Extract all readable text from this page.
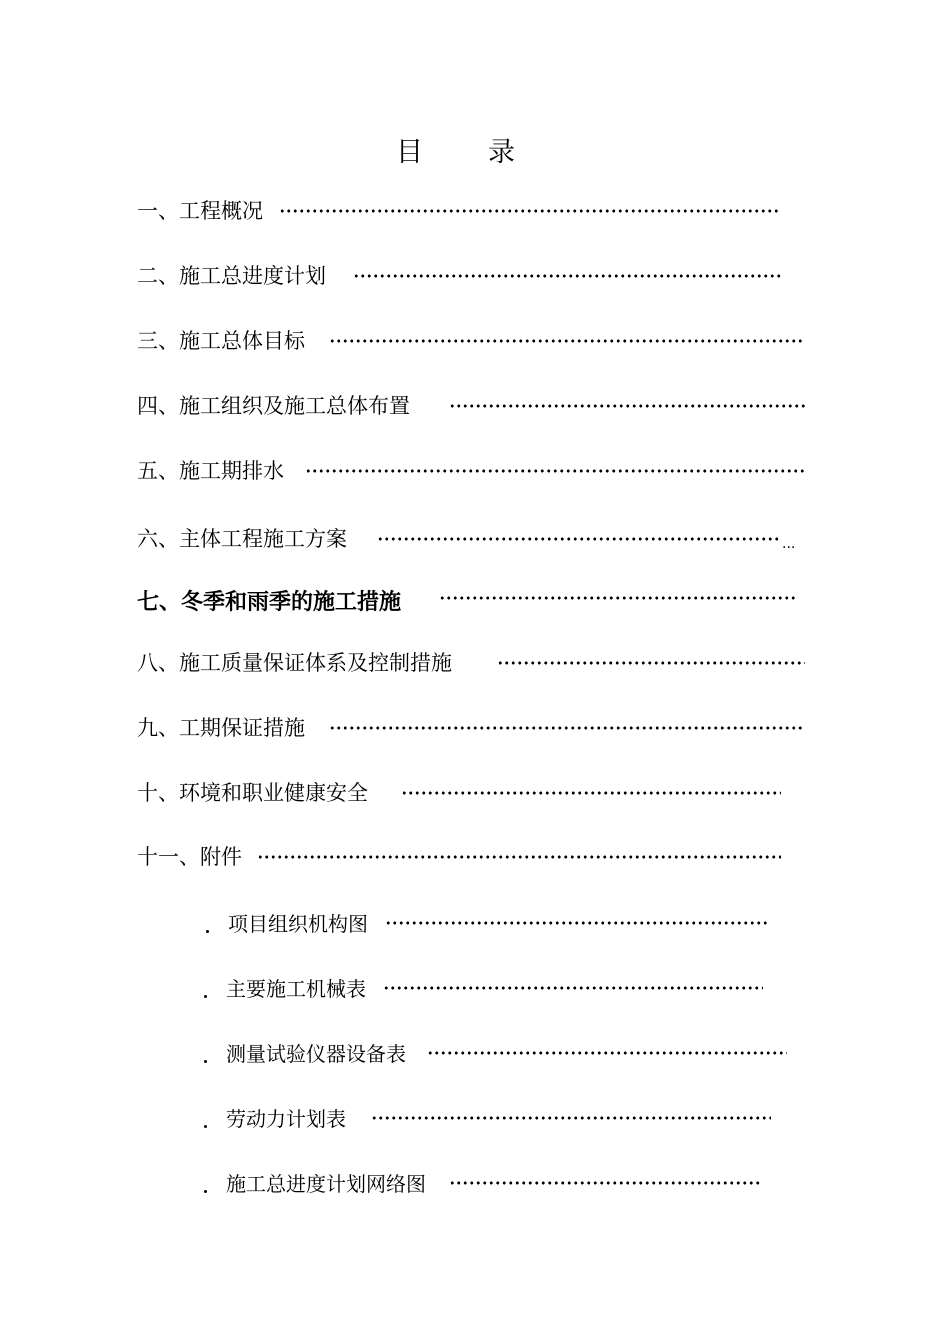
目 录
一、工程概况
二、施工总进度计划
三、施工总体目标
四、施工组织及施工总体布置
五、施工期排水
六、主体工程施工方案	...
七、冬季和雨季的施工措施
八、施工质量保证体系及控制措施
九、工期保证措施
十、环境和职业健康安全
十一、附件
项目组织机构图
主要施工机械表
测量试验仪器设备表
劳动力计划表
施工总进度计划网络图
